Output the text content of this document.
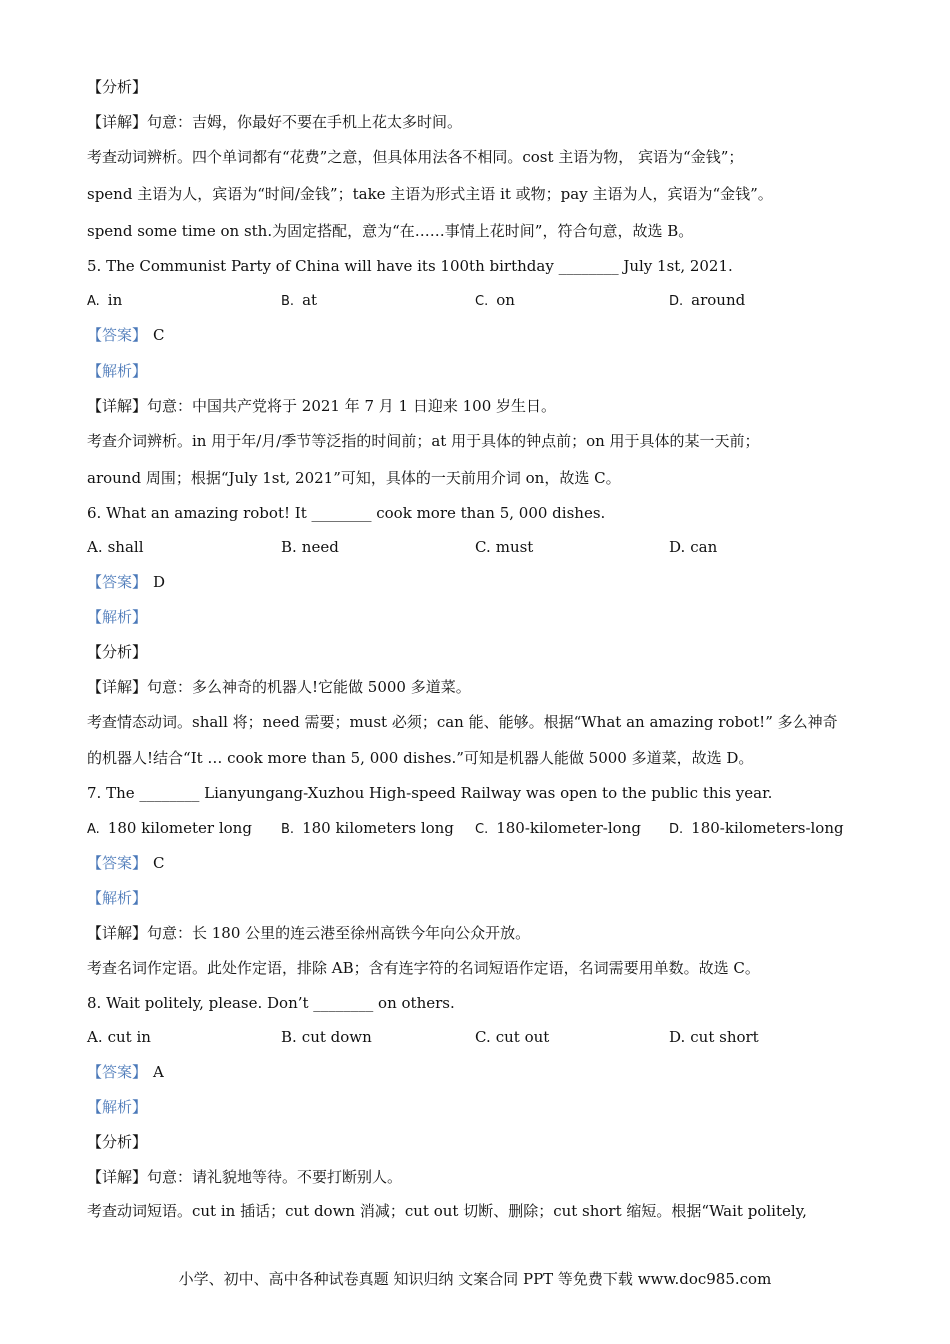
【分析】
【详解】句意：吉姆，你最好不要在手机上花太多时间。
考查动词辨析。四个单词都有“花费”之意，但具体用法各不相同。cost 主语为物， 宾语为“金钱”；
spend 主语为人，宾语为“时间/金钱”；take 主语为形式主语 it 或物；pay 主语为人，宾语为“金钱”。
spend some time on sth.为固定搭配，意为“在……事情上花时间”，符合句意，故选 B。
5. The Communist Party of China will have its 100th birthday ________ July 1st, 2021.
【答案】
【解析】
【详解】句意：中国共产党将于 2021 年 7 月 1 日迎来 100 岁生日。
考查介词辨析。in 用于年/月/季节等泛指的时间前；at 用于具体的钟点前；on 用于具体的某一天前；
around 周围；根据“July 1st, 2021”可知，具体的一天前用介词 on，故选 C。
6. What an amazing robot! It ________ cook more than 5, 000 dishes.
【答案】
【解析】
【分析】
【详解】句意：多么神奇的机器人!它能做 5000 多道菜。
考查情态动词。shall 将；need 需要；must 必须；can 能、能够。根据“What an amazing robot!” 多么神奇
的机器人!结合“It … cook more than 5, 000 dishes.”可知是机器人能做 5000 多道菜，故选 D。
7. The ________ Lianyungang-Xuzhou High-speed Railway was open to the public this year.
【答案】
【解析】
【详解】句意：长 180 公里的连云港至徐州高铁今年向公众开放。
考查名词作定语。此处作定语，排除 AB；含有连字符的名词短语作定语，名词需要用单数。故选 C。
8. Wait politely, please. Don’t ________ on others.
【答案】
【解析】
【分析】
【详解】句意：请礼貌地等待。不要打断别人。
考查动词短语。cut in 插话；cut down 消减；cut out 切断、删除；cut short 缩短。根据“Wait politely,
C
D
C
A
A. in	B. at	C. on	D. around
A. shall	B. need	C. must	D. can
A. 180 kilometer long B. 180 kilometers long C. 180-kilometer-long D. 180-kilometers-long
A. cut in	B. cut down	C. cut out	D. cut short
小学、初中、高中各种试卷真题 知识归纳 文案合同 PPT 等免费下载 www.doc985.com
